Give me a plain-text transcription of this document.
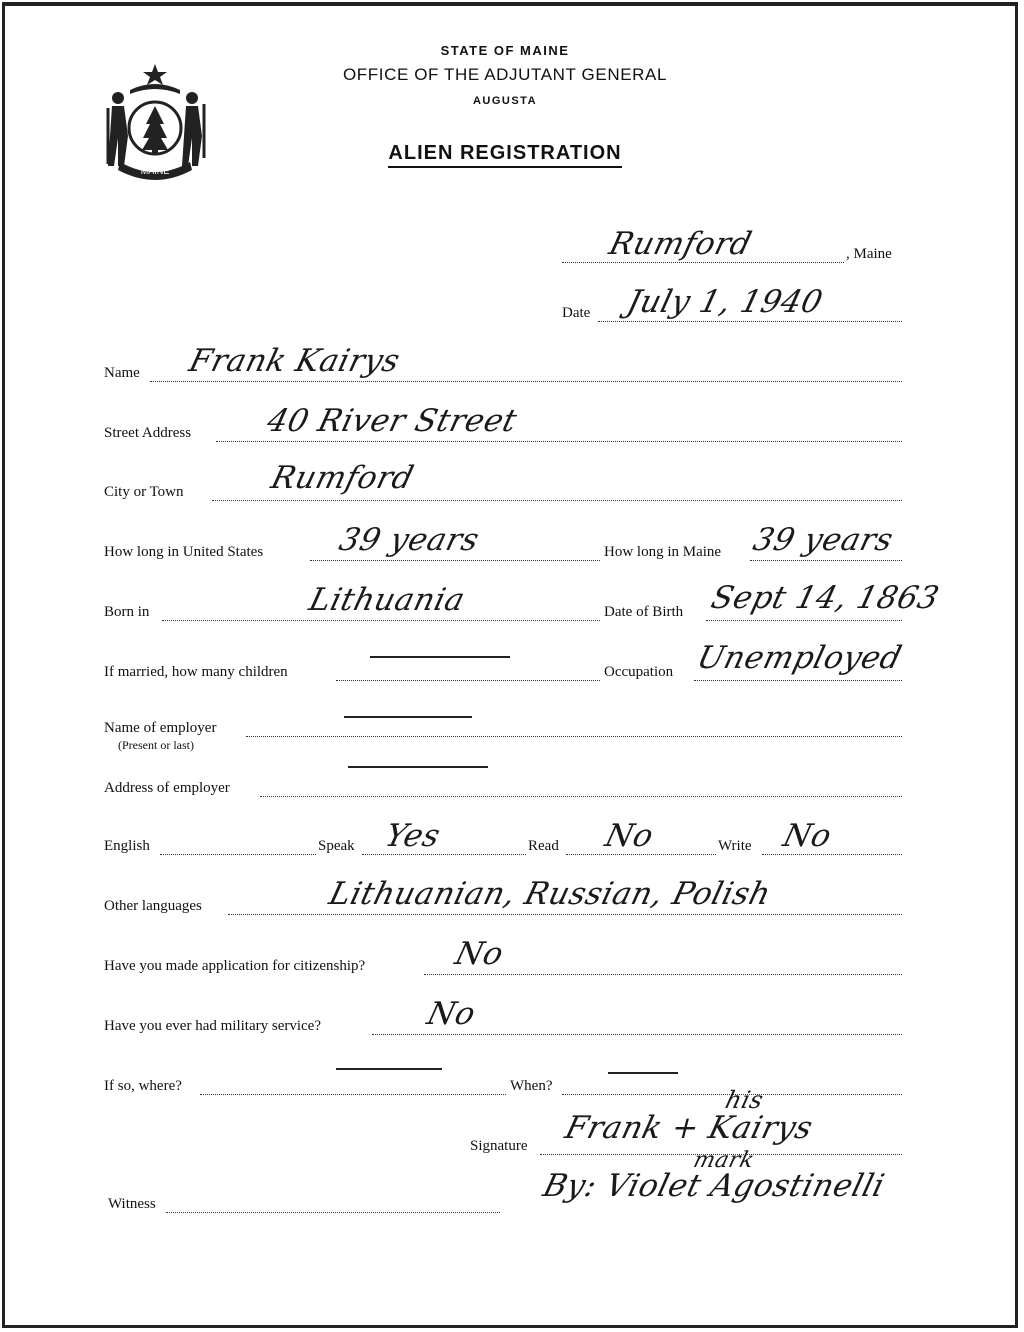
MAINE
STATE OF MAINE
OFFICE OF THE ADJUTANT GENERAL
AUGUSTA
ALIEN REGISTRATION
Rumford	, Maine
Date July 1, 1940
Name Frank Kairys
Street Address 40 River Street
City or Town	Rumford
How long in United States 39 years	How long in Maine 39 years
Born in	Lithuania	Date of Birth Sept 14, 1863
If married, how many children	Occupation Unemployed
Name of employer
(Present or last)
Address of employer
English	Speak Yes	Read No	Write No
Other languages	Lithuanian, Russian, Polish
Have you made application for citizenship?	No
Have you ever had military service?	No
If so, where?	When?
Signature
his
Frank + Kairys
mark
Witness	By: Violet Agostinelli
